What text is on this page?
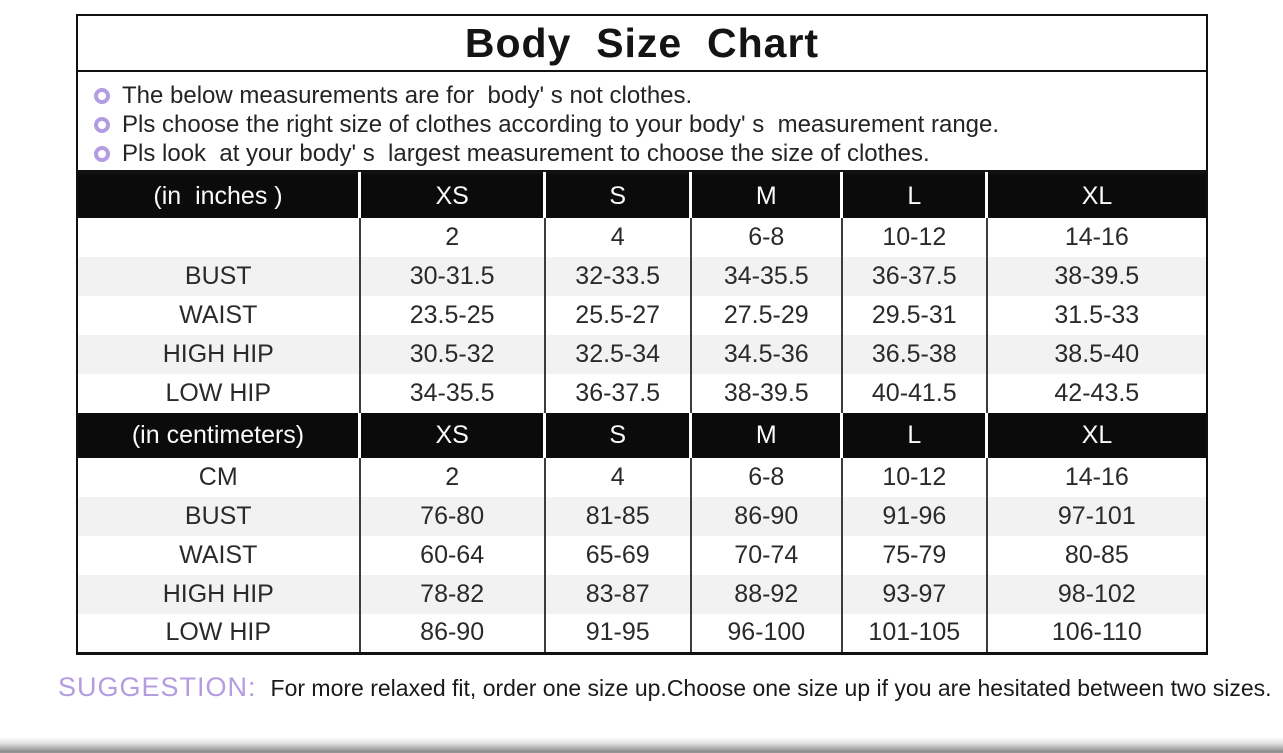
Body  Size  Chart
The below measurements are for  body' s not clothes.
Pls choose the right size of clothes according to your body' s  measurement range.
Pls look  at your body' s  largest measurement to choose the size of clothes.
(in  inches )	XS	S	M	L	XL
	2	4	6-8	10-12	14-16
BUST	30-31.5	32-33.5	34-35.5	36-37.5	38-39.5
WAIST	23.5-25	25.5-27	27.5-29	29.5-31	31.5-33
HIGH HIP	30.5-32	32.5-34	34.5-36	36.5-38	38.5-40
LOW HIP	34-35.5	36-37.5	38-39.5	40-41.5	42-43.5
(in centimeters)	XS	S	M	L	XL
CM	2	4	6-8	10-12	14-16
BUST	76-80	81-85	86-90	91-96	97-101
WAIST	60-64	65-69	70-74	75-79	80-85
HIGH HIP	78-82	83-87	88-92	93-97	98-102
LOW HIP	86-90	91-95	96-100	101-105	106-110
SUGGESTION: For more relaxed fit, order one size up.Choose one size up if you are hesitated between two sizes.
